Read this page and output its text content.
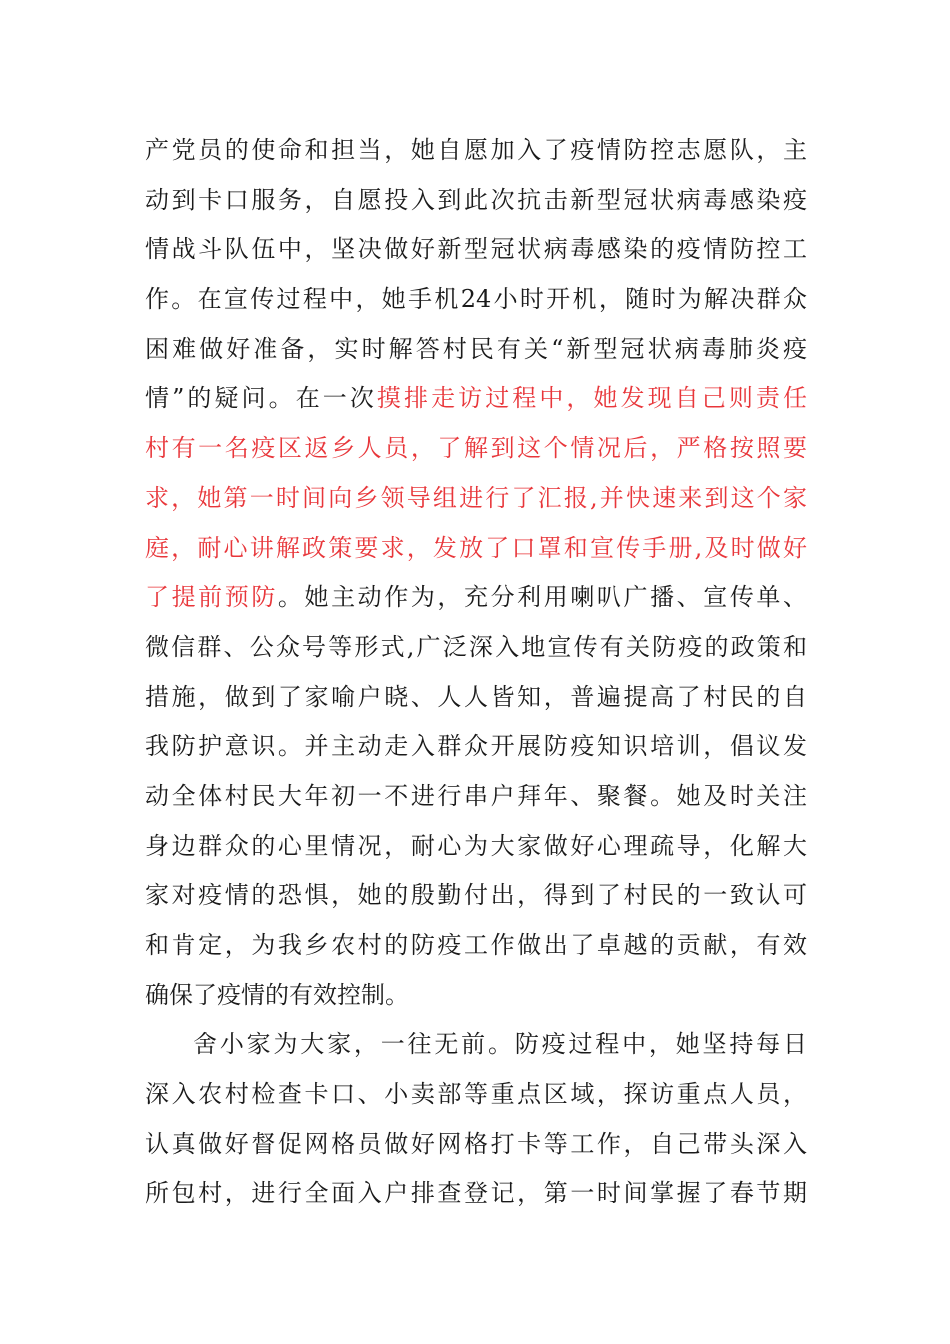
产党员的使命和担当，她自愿加入了疫情防控志愿队，主
动到卡口服务，自愿投入到此次抗击新型冠状病毒感染疫
情战斗队伍中，坚决做好新型冠状病毒感染的疫情防控工
作。在宣传过程中，她手机24小时开机，随时为解决群众
困难做好准备，实时解答村民有关“新型冠状病毒肺炎疫
情”的疑问。在一次摸排走访过程中，她发现自己则责任
村有一名疫区返乡人员，了解到这个情况后，严格按照要
求，她第一时间向乡领导组进行了汇报,并快速来到这个家
庭，耐心讲解政策要求，发放了口罩和宣传手册,及时做好
了提前预防。她主动作为，充分利用喇叭广播、宣传单、
微信群、公众号等形式,广泛深入地宣传有关防疫的政策和
措施，做到了家喻户晓、人人皆知，普遍提高了村民的自
我防护意识。并主动走入群众开展防疫知识培训，倡议发
动全体村民大年初一不进行串户拜年、聚餐。她及时关注
身边群众的心里情况，耐心为大家做好心理疏导，化解大
家对疫情的恐惧，她的殷勤付出，得到了村民的一致认可
和肯定，为我乡农村的防疫工作做出了卓越的贡献，有效
确保了疫情的有效控制。
舍小家为大家，一往无前。防疫过程中，她坚持每日
深入农村检查卡口、小卖部等重点区域，探访重点人员，
认真做好督促网格员做好网格打卡等工作，自己带头深入
所包村，进行全面入户排查登记，第一时间掌握了春节期
